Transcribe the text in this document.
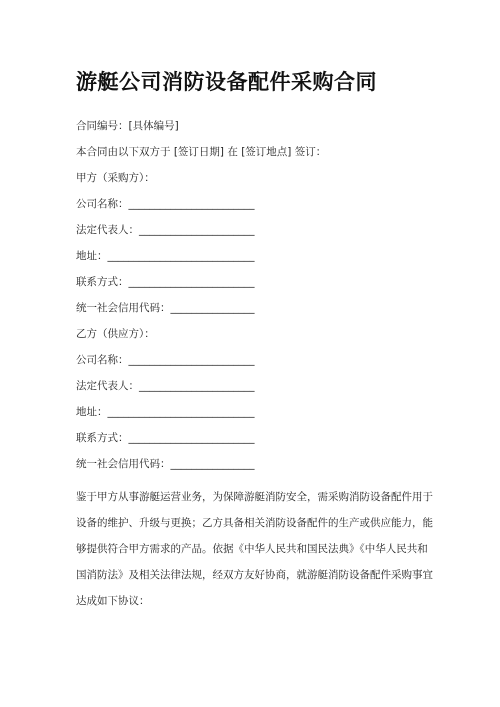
游艇公司消防设备配件采购合同
合同编号：[具体编号]
本合同由以下双方于 [签订日期] 在 [签订地点] 签订：
甲方（采购方）：
公司名称：________________________
法定代表人：______________________
地址：____________________________
联系方式：________________________
统一社会信用代码：________________
乙方（供应方）：
公司名称：________________________
法定代表人：______________________
地址：____________________________
联系方式：________________________
统一社会信用代码：________________
鉴于甲方从事游艇运营业务，为保障游艇消防安全，需采购消防设备配件用于
设备的维护、升级与更换；乙方具备相关消防设备配件的生产或供应能力，能
够提供符合甲方需求的产品。依据《中华人民共和国民法典》《中华人民共和
国消防法》及相关法律法规，经双方友好协商，就游艇消防设备配件采购事宜
达成如下协议：
